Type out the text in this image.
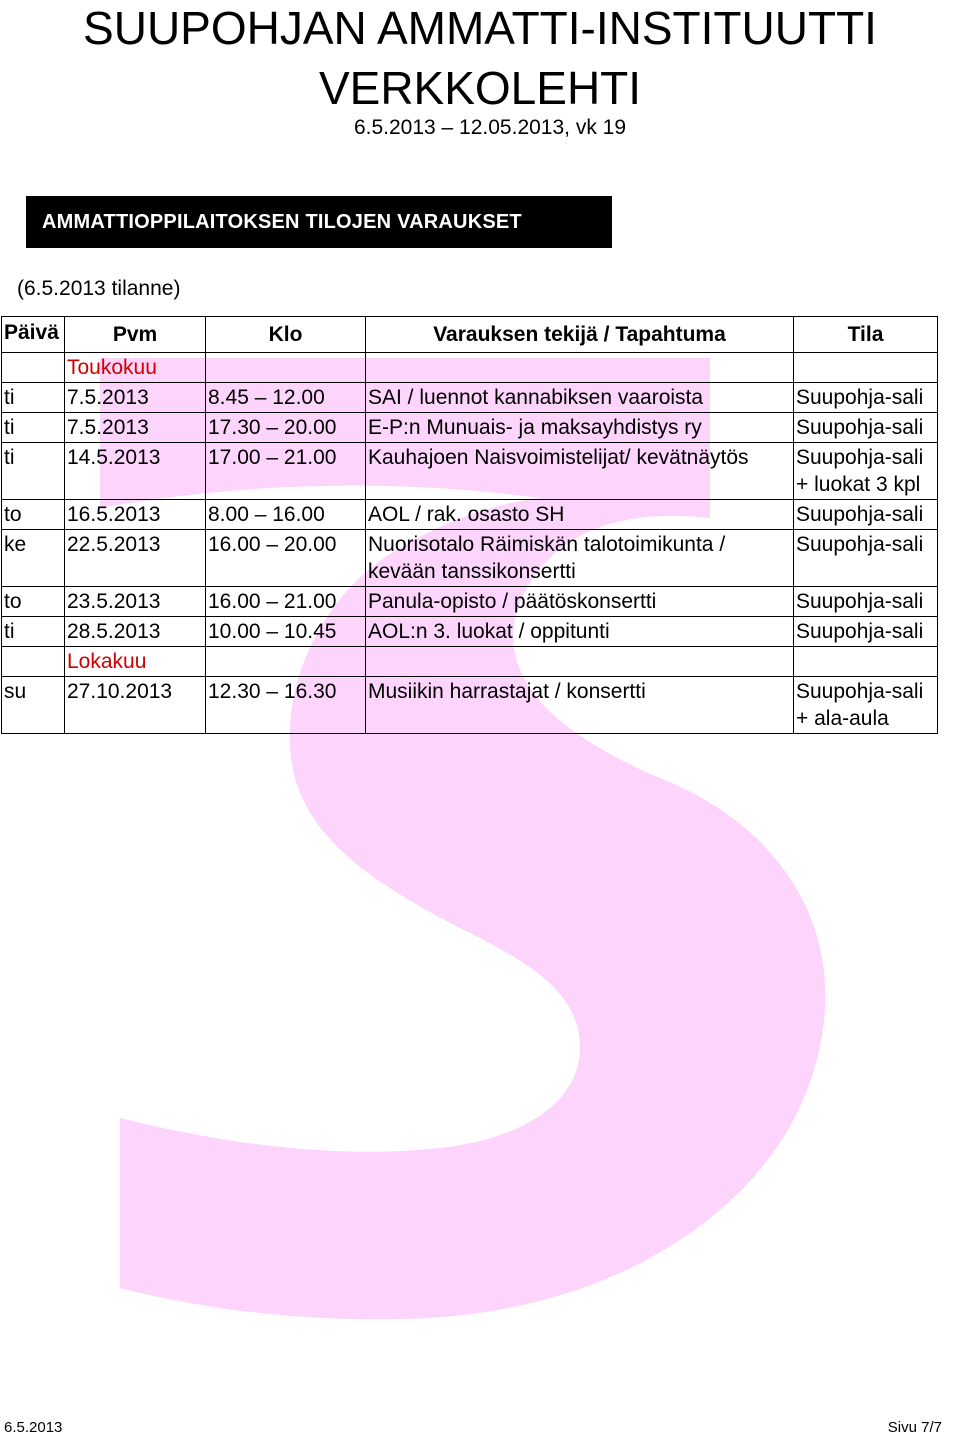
SUUPOHJAN AMMATTI-INSTITUUTTI
VERKKOLEHTI
6.5.2013 – 12.05.2013, vk 19
AMMATTIOPPILAITOKSEN TILOJEN VARAUKSET
(6.5.2013 tilanne)
Päivä	Pvm	Klo	Varauksen tekijä / Tapahtuma	Tila
	Toukokuu			
ti	7.5.2013	8.45 – 12.00	SAI / luennot kannabiksen vaaroista	Suupohja-sali
ti	7.5.2013	17.30 – 20.00	E-P:n Munuais- ja maksayhdistys ry	Suupohja-sali
ti	14.5.2013	17.00 – 21.00	Kauhajoen Naisvoimistelijat/ kevätnäytös	Suupohja-sali
+ luokat 3 kpl

to	16.5.2013	8.00 – 16.00	AOL / rak. osasto SH	Suupohja-sali
ke	22.5.2013	16.00 – 20.00	Nuorisotalo Räimiskän talotoimikunta /
kevään tanssikonsertti	Suupohja-sali
to	23.5.2013	16.00 – 21.00	Panula-opisto / päätöskonsertti	Suupohja-sali
ti	28.5.2013	10.00 – 10.45	AOL:n 3. luokat / oppitunti	Suupohja-sali
	Lokakuu			
su	27.10.2013	12.30 – 16.30	Musiikin harrastajat / konsertti	Suupohja-sali
+ ala-aula
6.5.2013	Sivu 7/7
